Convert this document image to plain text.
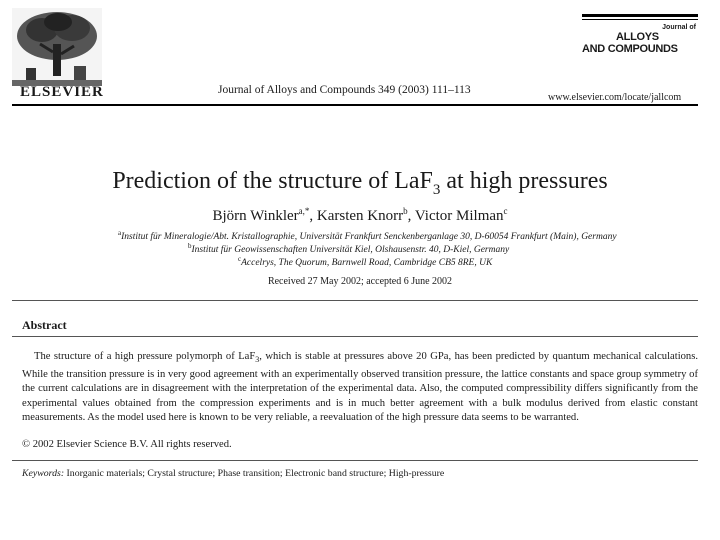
ELSEVIER	Journal of Alloys and Compounds 349 (2003) 111–113
Journal of
ALLOYS
AND COMPOUNDS
www.elsevier.com/locate/jallcom
Prediction of the structure of LaF$_3$ at high pressures
Björn Winkler$^{a,*}$, Karsten Knorr$^b$, Victor Milman$^c$
$^a$Institut für Mineralogie/Abt. Kristallographie, Universität Frankfurt Senckenberganlage 30, D-60054 Frankfurt (Main), Germany
$^b$Institut für Geowissenschaften Universität Kiel, Olshausenstr. 40, D-Kiel, Germany
$^c$Accelrys, The Quorum, Barnwell Road, Cambridge CB5 8RE, UK
Received 27 May 2002; accepted 6 June 2002
Abstract

The structure of a high pressure polymorph of LaF$_3$, which is stable at pressures above 20 GPa, has been predicted by quantum mechanical calculations. While the transition pressure is in very good agreement with an experimentally observed transition pressure, the lattice constants and space group symmetry of the current calculations are in disagreement with the interpretation of the experimental data. Also, the computed compressibility differs significantly from the experimental values obtained from the compression experiments and is in much better agreement with a bulk modulus derived from elastic constant measurements. As the model used here is known to be very reliable, a reevaluation of the high pressure data seems to be warranted.

© 2002 Elsevier Science B.V. All rights reserved.
Keywords: Inorganic materials; Crystal structure; Phase transition; Electronic band structure; High-pressure
